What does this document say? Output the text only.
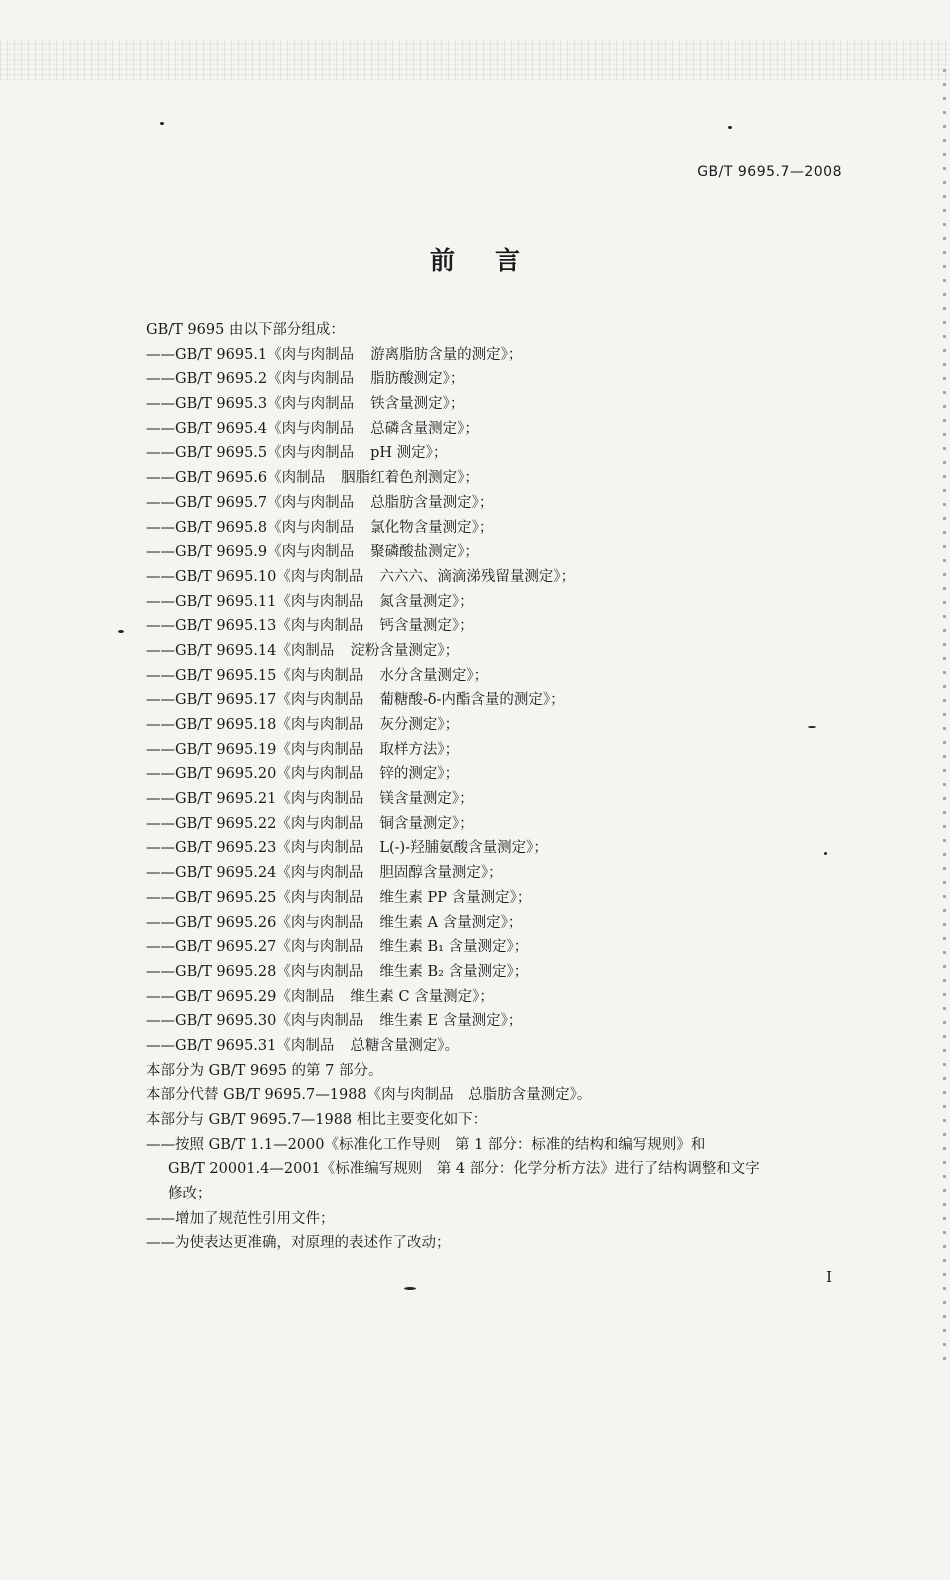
GB/T 9695.7—2008
前言
GB/T 9695 由以下部分组成：
——GB/T 9695.1《肉与肉制品 游离脂肪含量的测定》；
——GB/T 9695.2《肉与肉制品 脂肪酸测定》；
——GB/T 9695.3《肉与肉制品 铁含量测定》；
——GB/T 9695.4《肉与肉制品 总磷含量测定》；
——GB/T 9695.5《肉与肉制品 pH 测定》；
——GB/T 9695.6《肉制品 胭脂红着色剂测定》；
——GB/T 9695.7《肉与肉制品 总脂肪含量测定》；
——GB/T 9695.8《肉与肉制品 氯化物含量测定》；
——GB/T 9695.9《肉与肉制品 聚磷酸盐测定》；
——GB/T 9695.10《肉与肉制品 六六六、滴滴涕残留量测定》；
——GB/T 9695.11《肉与肉制品 氮含量测定》；
——GB/T 9695.13《肉与肉制品 钙含量测定》；
——GB/T 9695.14《肉制品 淀粉含量测定》；
——GB/T 9695.15《肉与肉制品 水分含量测定》；
——GB/T 9695.17《肉与肉制品 葡糖酸-δ-内酯含量的测定》；
——GB/T 9695.18《肉与肉制品 灰分测定》；
——GB/T 9695.19《肉与肉制品 取样方法》；
——GB/T 9695.20《肉与肉制品 锌的测定》；
——GB/T 9695.21《肉与肉制品 镁含量测定》；
——GB/T 9695.22《肉与肉制品 铜含量测定》；
——GB/T 9695.23《肉与肉制品 L(-)-羟脯氨酸含量测定》；
——GB/T 9695.24《肉与肉制品 胆固醇含量测定》；
——GB/T 9695.25《肉与肉制品 维生素 PP 含量测定》；
——GB/T 9695.26《肉与肉制品 维生素 A 含量测定》；
——GB/T 9695.27《肉与肉制品 维生素 B₁ 含量测定》；
——GB/T 9695.28《肉与肉制品 维生素 B₂ 含量测定》；
——GB/T 9695.29《肉制品 维生素 C 含量测定》；
——GB/T 9695.30《肉与肉制品 维生素 E 含量测定》；
——GB/T 9695.31《肉制品 总糖含量测定》。
本部分为 GB/T 9695 的第 7 部分。
本部分代替 GB/T 9695.7—1988《肉与肉制品　总脂肪含量测定》。
本部分与 GB/T 9695.7—1988 相比主要变化如下：
——按照 GB/T 1.1—2000《标准化工作导则　第 1 部分：标准的结构和编写规则》和
GB/T 20001.4—2001《标准编写规则　第 4 部分：化学分析方法》进行了结构调整和文字
修改；
——增加了规范性引用文件；
——为使表达更准确，对原理的表述作了改动；
I
